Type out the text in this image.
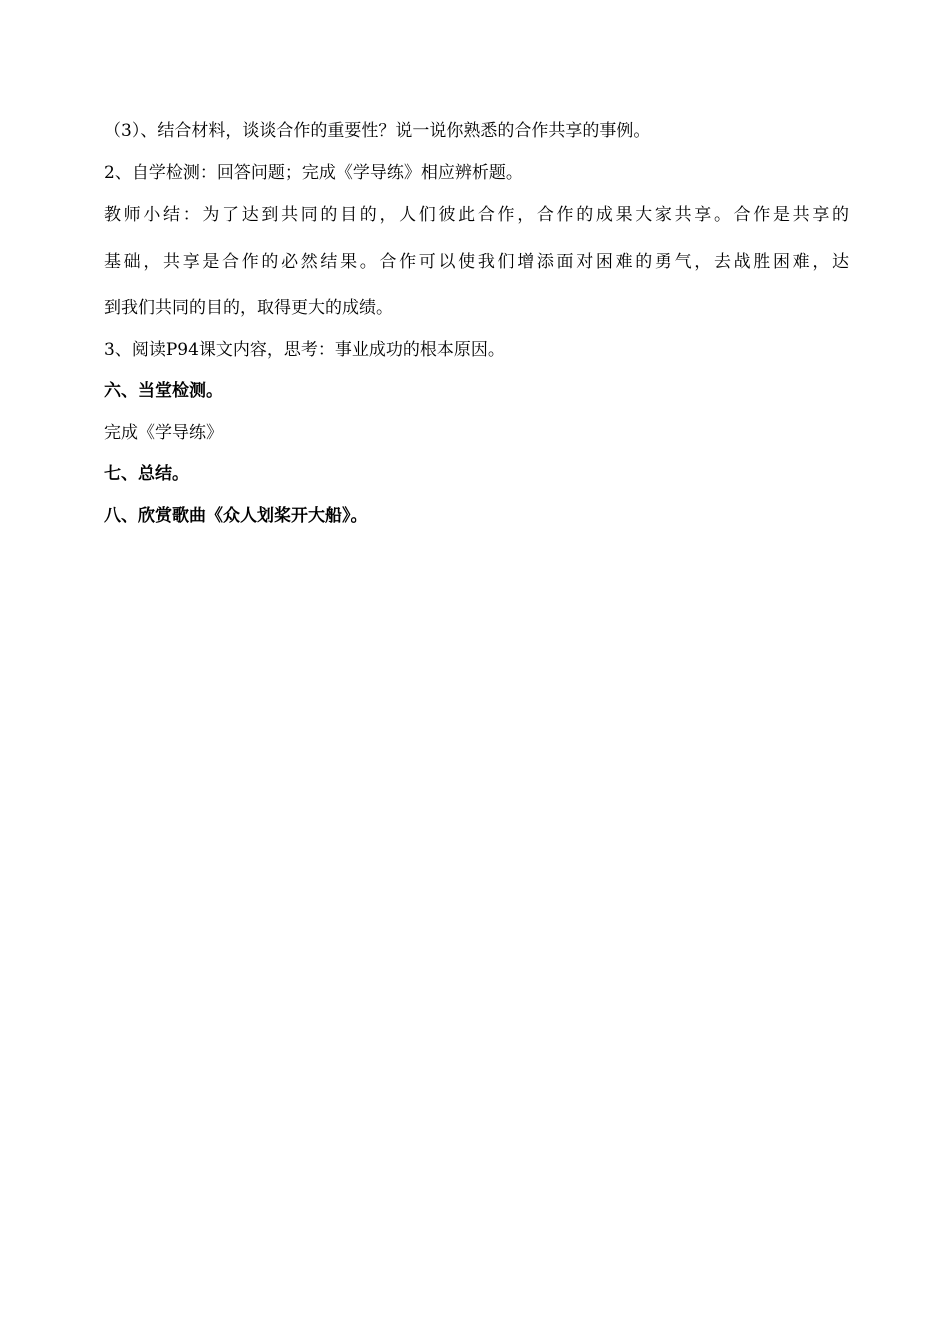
（3）、结合材料，谈谈合作的重要性？说一说你熟悉的合作共享的事例。
2、自学检测：回答问题；完成《学导练》相应辨析题。
教师小结：为了达到共同的目的，人们彼此合作，合作的成果大家共享。合作是共享的
基础，共享是合作的必然结果。合作可以使我们增添面对困难的勇气，去战胜困难，达
到我们共同的目的，取得更大的成绩。
3、阅读P94课文内容，思考：事业成功的根本原因。
六、当堂检测。
完成《学导练》
七、总结。
八、欣赏歌曲《众人划桨开大船》。
